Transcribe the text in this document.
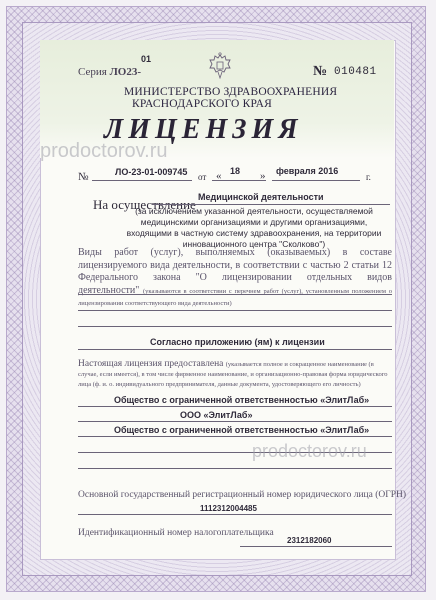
01
Серия ЛО23-	№ 010481
МИНИСТЕРСТВО ЗДРАВООХРАНЕНИЯ
КРАСНОДАРСКОГО КРАЯ
ЛИЦЕНЗИЯ
prodoctorov.ru
№	ЛО-23-01-009745 от « 18 » февраля 2016
г.
Медицинской деятельности
На осуществление
(за исключением указанной деятельности, осуществляемой медицинскими организациями и другими организациями, входящими в частную систему здравоохранения, на территории инновационного центра "Сколково")
Виды работ (услуг), выполняемых (оказываемых) в составе лицензируемого вида деятельности, в соответствии с частью 2 статьи 12 Федерального закона "О лицензировании отдельных видов деятельности" (указываются в соответствии с перечнем работ (услуг), установленным положением о лицензировании соответствующего вида деятельности)
Согласно приложению (ям) к лицензии
Настоящая лицензия предоставлена (указывается полное и сокращенное наименование (в случае, если имеется), в том числе фирменное наименование, и организационно-правовая форма юридического лица (ф. и. о. индивидуального предпринимателя, данные документа, удостоверяющего его личность)
Общество с ограниченной ответственностью «ЭлитЛаб»
ООО «ЭлитЛаб»
Общество с ограниченной ответственностью «ЭлитЛаб»
prodoctorov.ru
Основной государственный регистрационный номер юридического лица (ОГРН)
1112312004485
Идентификационный номер налогоплательщика
2312182060
